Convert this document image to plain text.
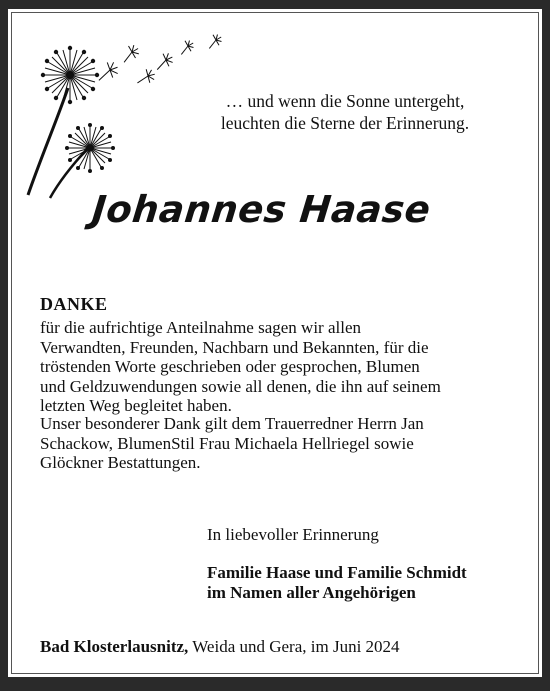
… und wenn die Sonne untergeht,
leuchten die Sterne der Erinnerung.
Johannes Haase
DANKE
für die aufrichtige Anteilnahme sagen wir allen
Verwandten, Freunden, Nachbarn und Bekannten, für die
tröstenden Worte geschrieben oder gesprochen, Blumen
und Geldzuwendungen sowie all denen, die ihn auf seinem
letzten Weg begleitet haben.
Unser besonderer Dank gilt dem Trauerredner Herrn Jan
Schackow, BlumenStil Frau Michaela Hellriegel sowie
Glöckner Bestattungen.
In liebevoller Erinnerung
Familie Haase und Familie Schmidt
im Namen aller Angehörigen
Bad Klosterlausnitz, Weida und Gera, im Juni 2024
